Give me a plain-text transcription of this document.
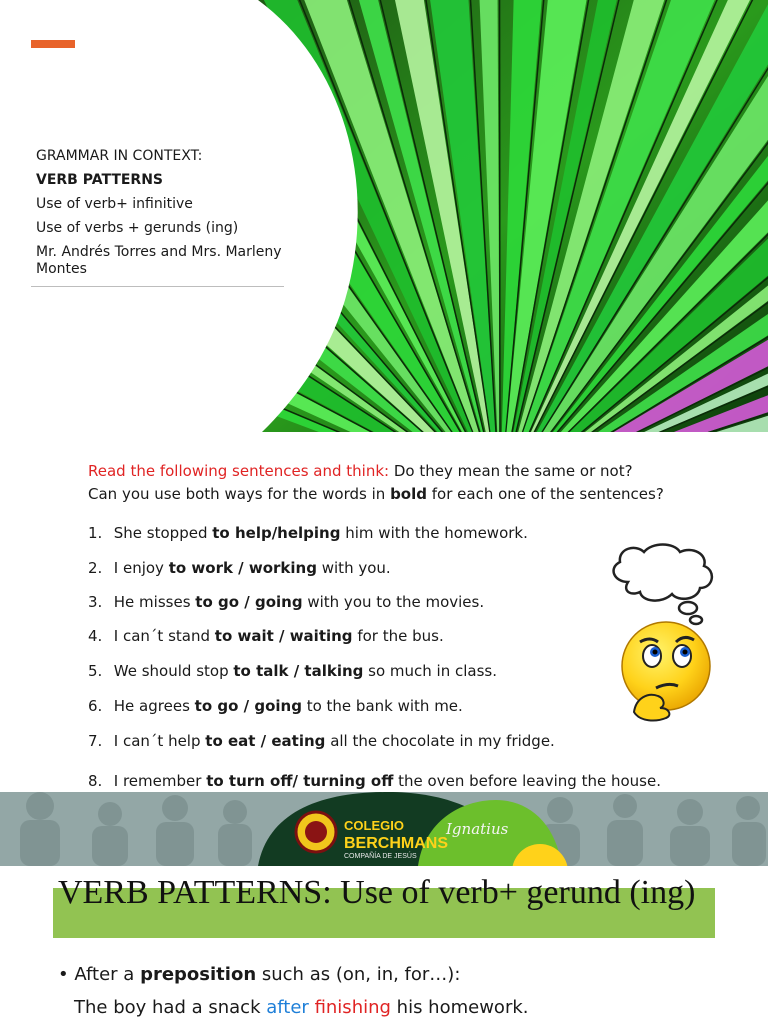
GRAMMAR IN CONTEXT:
VERB PATTERNS
Use of verb+ infinitive
Use of verbs + gerunds (ing)
Mr. Andrés Torres and Mrs. Marleny Montes
Read the following sentences and think: Do they mean the same or not?
Can you use both ways for the words in bold for each one of the sentences?
1. She stopped to help/helping him with the homework.
2. I enjoy to work / working with you.
3. He misses to go / going with you to the movies.
4. I can´t stand to wait / waiting for the bus.
5. We should stop to talk / talking so much in class.
6. He agrees to go / going to the bank with me.
7. I can´t help to eat / eating all the chocolate in my fridge.
8. I remember to turn off/ turning off the oven before leaving the house.
COLEGIO
BERCHMANS
COMPAÑÍA DE JESÚS
Ignatius
VERB PATTERNS: Use of verb+ gerund (ing)
• After a preposition such as (on, in, for…):
The boy had a snack after finishing his homework.
